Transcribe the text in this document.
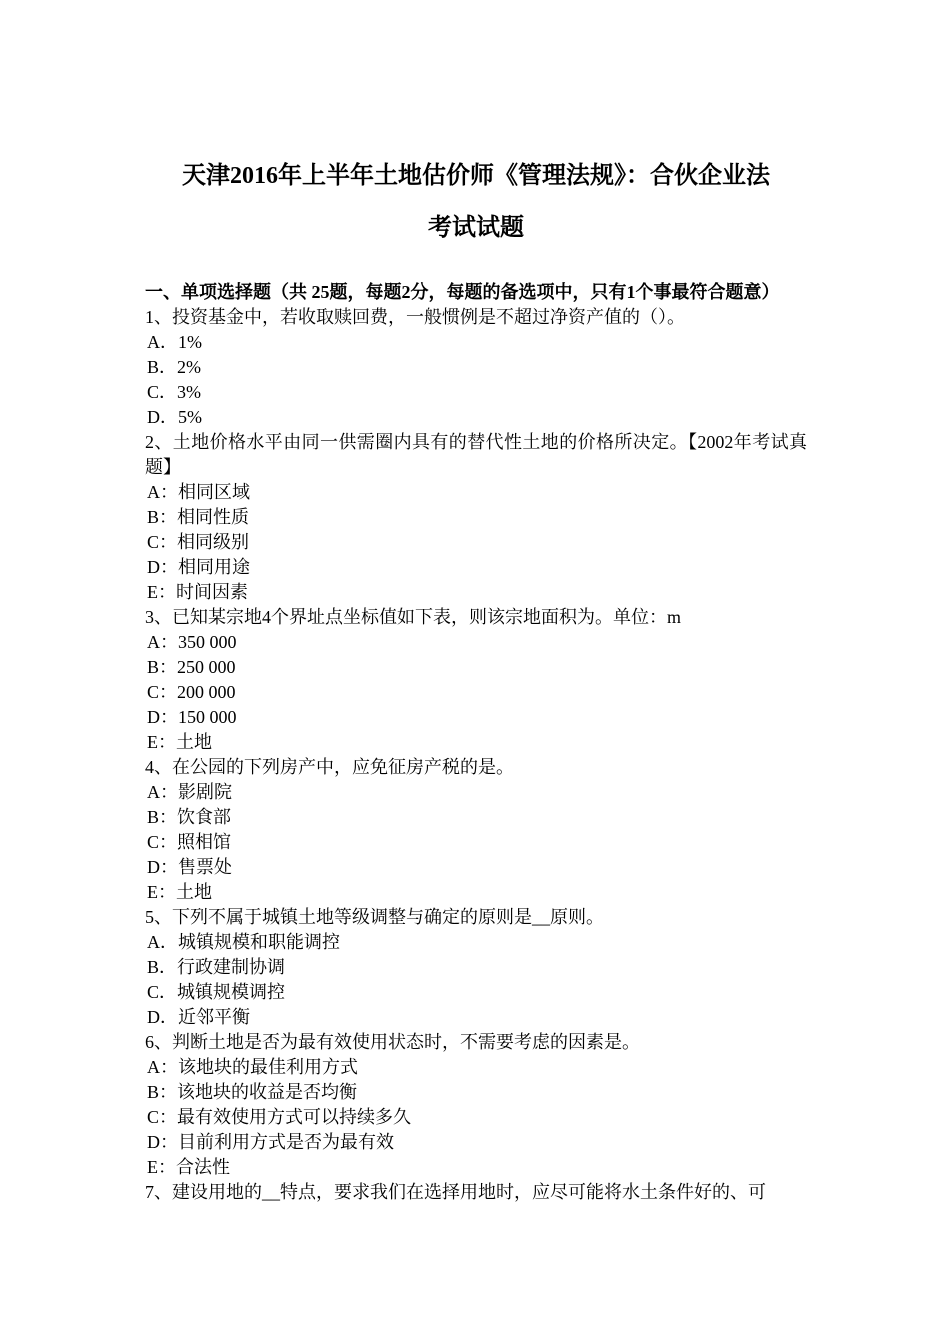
天津2016年上半年土地估价师《管理法规》：合伙企业法
考试试题
一、单项选择题（共 25题，每题2分，每题的备选项中，只有1个事最符合题意）
1、投资基金中，若收取赎回费，一般惯例是不超过净资产值的（）。
A．1%
B．2%
C．3%
D．5%
2、土地价格水平由同一供需圈内具有的替代性土地的价格所决定。【2002年考试真题】
A：相同区域
B：相同性质
C：相同级别
D：相同用途
E：时间因素
3、已知某宗地4个界址点坐标值如下表，则该宗地面积为。单位：m
A：350 000
B：250 000
C：200 000
D：150 000
E：土地
4、在公园的下列房产中，应免征房产税的是。
A：影剧院
B：饮食部
C：照相馆
D：售票处
E：土地
5、下列不属于城镇土地等级调整与确定的原则是__原则。
A．城镇规模和职能调控
B．行政建制协调
C．城镇规模调控
D．近邻平衡
6、判断土地是否为最有效使用状态时，不需要考虑的因素是。
A：该地块的最佳利用方式
B：该地块的收益是否均衡
C：最有效使用方式可以持续多久
D：目前利用方式是否为最有效
E：合法性
7、建设用地的__特点，要求我们在选择用地时，应尽可能将水土条件好的、可
